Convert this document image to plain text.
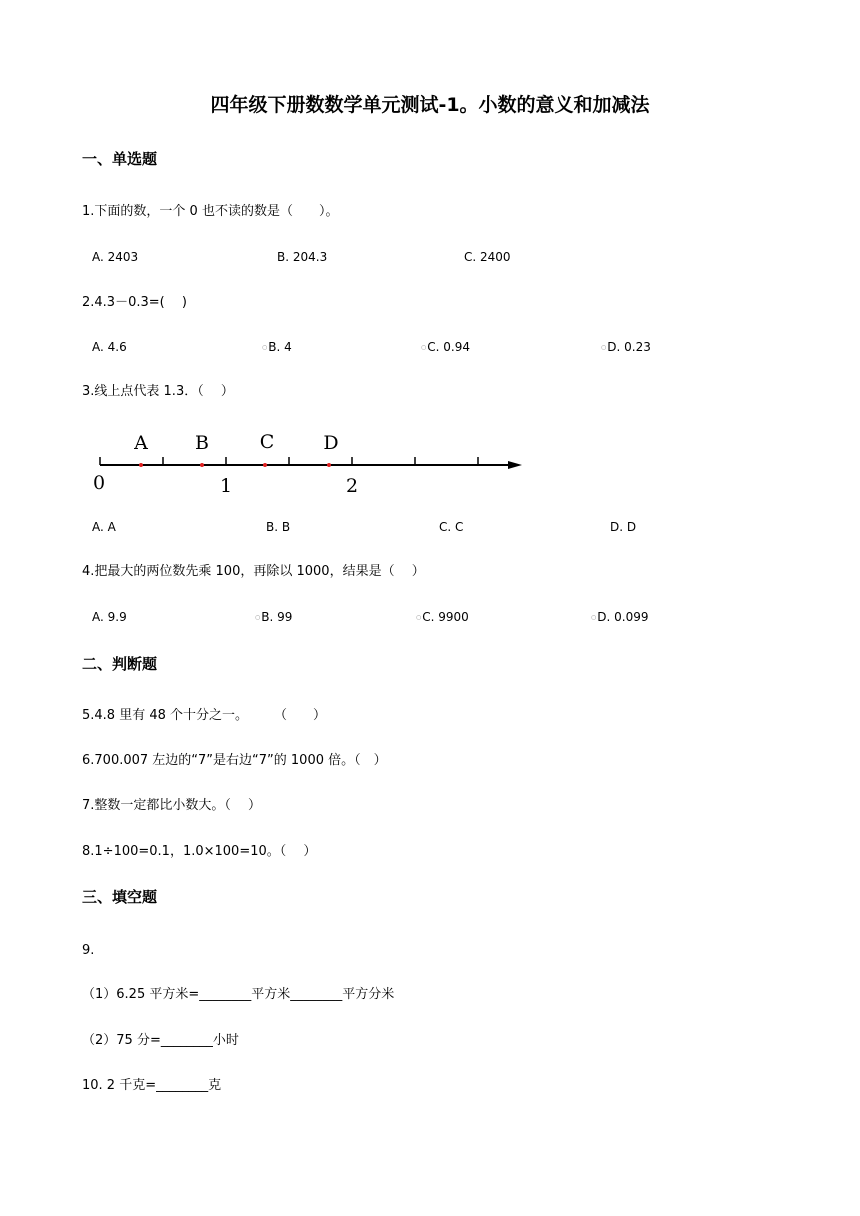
四年级下册数数学单元测试-1。小数的意义和加减法
一、单选题
1.下面的数，一个 0 也不读的数是（　　）。
A. 2403	B. 204.3	C. 2400
2.4.3－0.3=(　 )
A. 4.6	○B. 4	○C. 0.94	○D. 0.23
3.线上点代表 1.3．（　 ）
A B	C	D
0	1	2
A. A	B. B	C. C	D. D
4.把最大的两位数先乘 100，再除以 1000，结果是（　 ）
A. 9.9	○B. 99	○C. 9900	○D. 0.099
二、判断题
5.4.8 里有 48 个十分之一。　　　（　　）
6.700.007 左边的“7”是右边“7”的 1000 倍。（　）
7.整数一定都比小数大。（　 ）
8.1÷100=0.1，1.0×100=10。（　 ）
三、填空题
9.
（1）6.25 平方米=________平方米________平方分米
（2）75 分=________小时
10. 2 千克=________克
